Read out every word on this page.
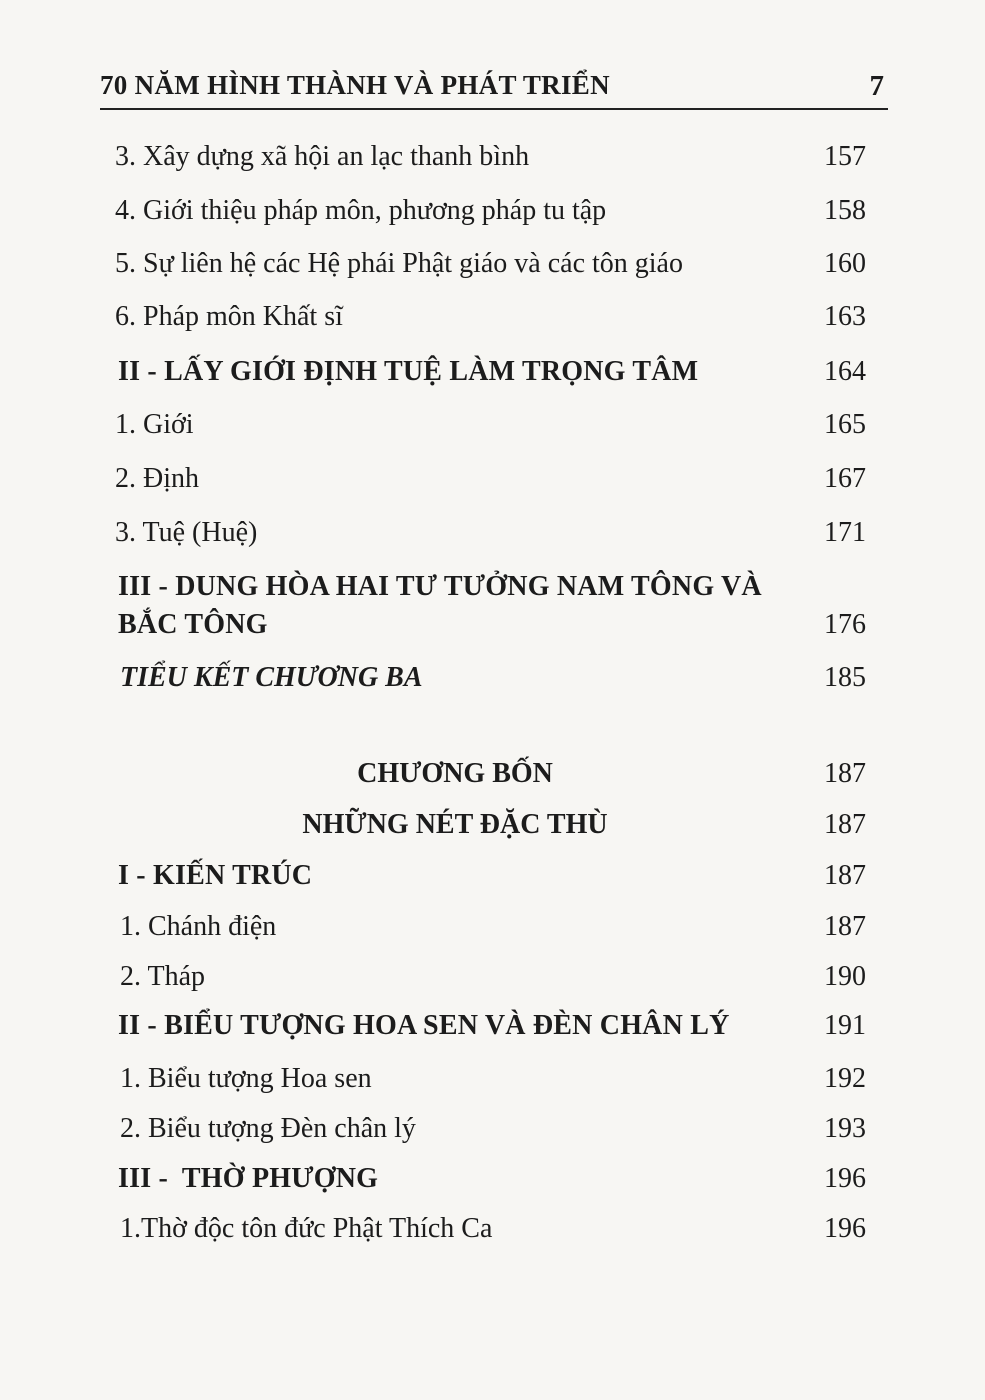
70 NĂM HÌNH THÀNH VÀ PHÁT TRIỂN	7
3. Xây dựng xã hội an lạc thanh bình	157
4. Giới thiệu pháp môn, phương pháp tu tập	158
5. Sự liên hệ các Hệ phái Phật giáo và các tôn giáo	160
6. Pháp môn Khất sĩ	163
II - LẤY GIỚI ĐỊNH TUỆ LÀM TRỌNG TÂM	164
1. Giới	165
2. Định	167
3. Tuệ (Huệ)	171
III - DUNG HÒA HAI TƯ TƯỞNG NAM TÔNG VÀ
BẮC TÔNG	176
TIỂU KẾT CHƯƠNG BA	185
CHƯƠNG BỐN	187
NHỮNG NÉT ĐẶC THÙ	187
I - KIẾN TRÚC	187
1. Chánh điện	187
2. Tháp	190
II - BIỂU TƯỢNG HOA SEN VÀ ĐÈN CHÂN LÝ	191
1. Biểu tượng Hoa sen	192
2. Biểu tượng Đèn chân lý	193
III -  THỜ PHƯỢNG	196
1.Thờ độc tôn đức Phật Thích Ca	196
